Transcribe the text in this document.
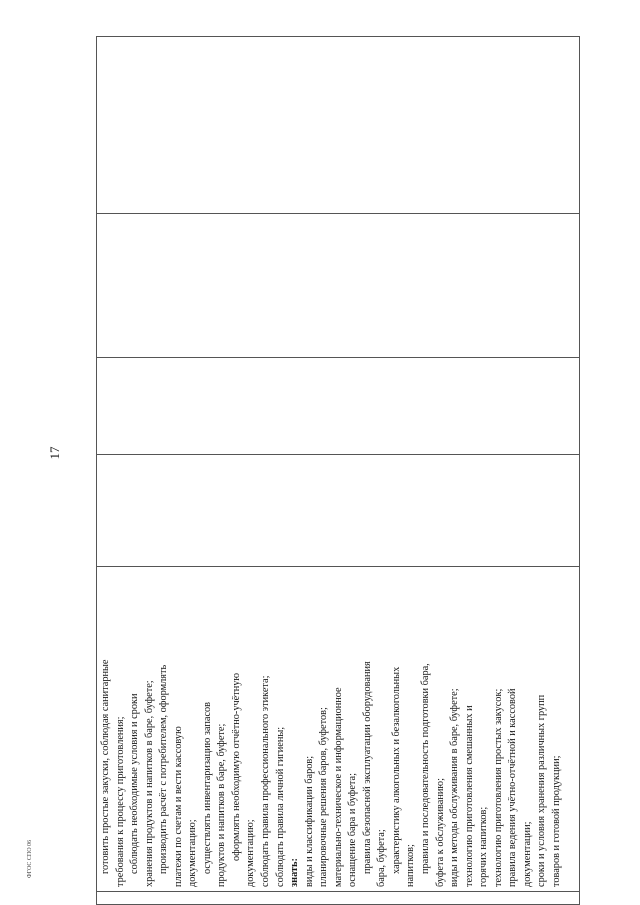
готовить простые закуски, соблюдая санитарные требования к процессу приготовления; соблюдать необходимые условия и сроки хранения продуктов и напитков в баре, буфете; производить расчёт с потребителем, оформлять платежи по счетам и вести кассовую документацию; осуществлять инвентаризацию запасов продуктов и напитков в баре, буфете; оформлять необходимую отчётно-учётную документацию; соблюдать правила профессионального этикета; соблюдать правила личной гигиены; знать: виды и классификации баров; планировочные решения баров, буфетов; материально-техническое и информационное оснащение бара и буфета; правила безопасной эксплуатации оборудования бара, буфета; характеристику алкогольных и безалкогольных напитков; правила и последовательность подготовки бара, буфета к обслуживанию; виды и методы обслуживания в баре, буфете; технологию приготовления смешанных и горячих напитков; технологию приготовления простых закусок; правила ведения учётно-отчётной и кассовой документации; сроки и условия хранения различных групп товаров и готовой продукции;

17
ФГОС СПО 06
